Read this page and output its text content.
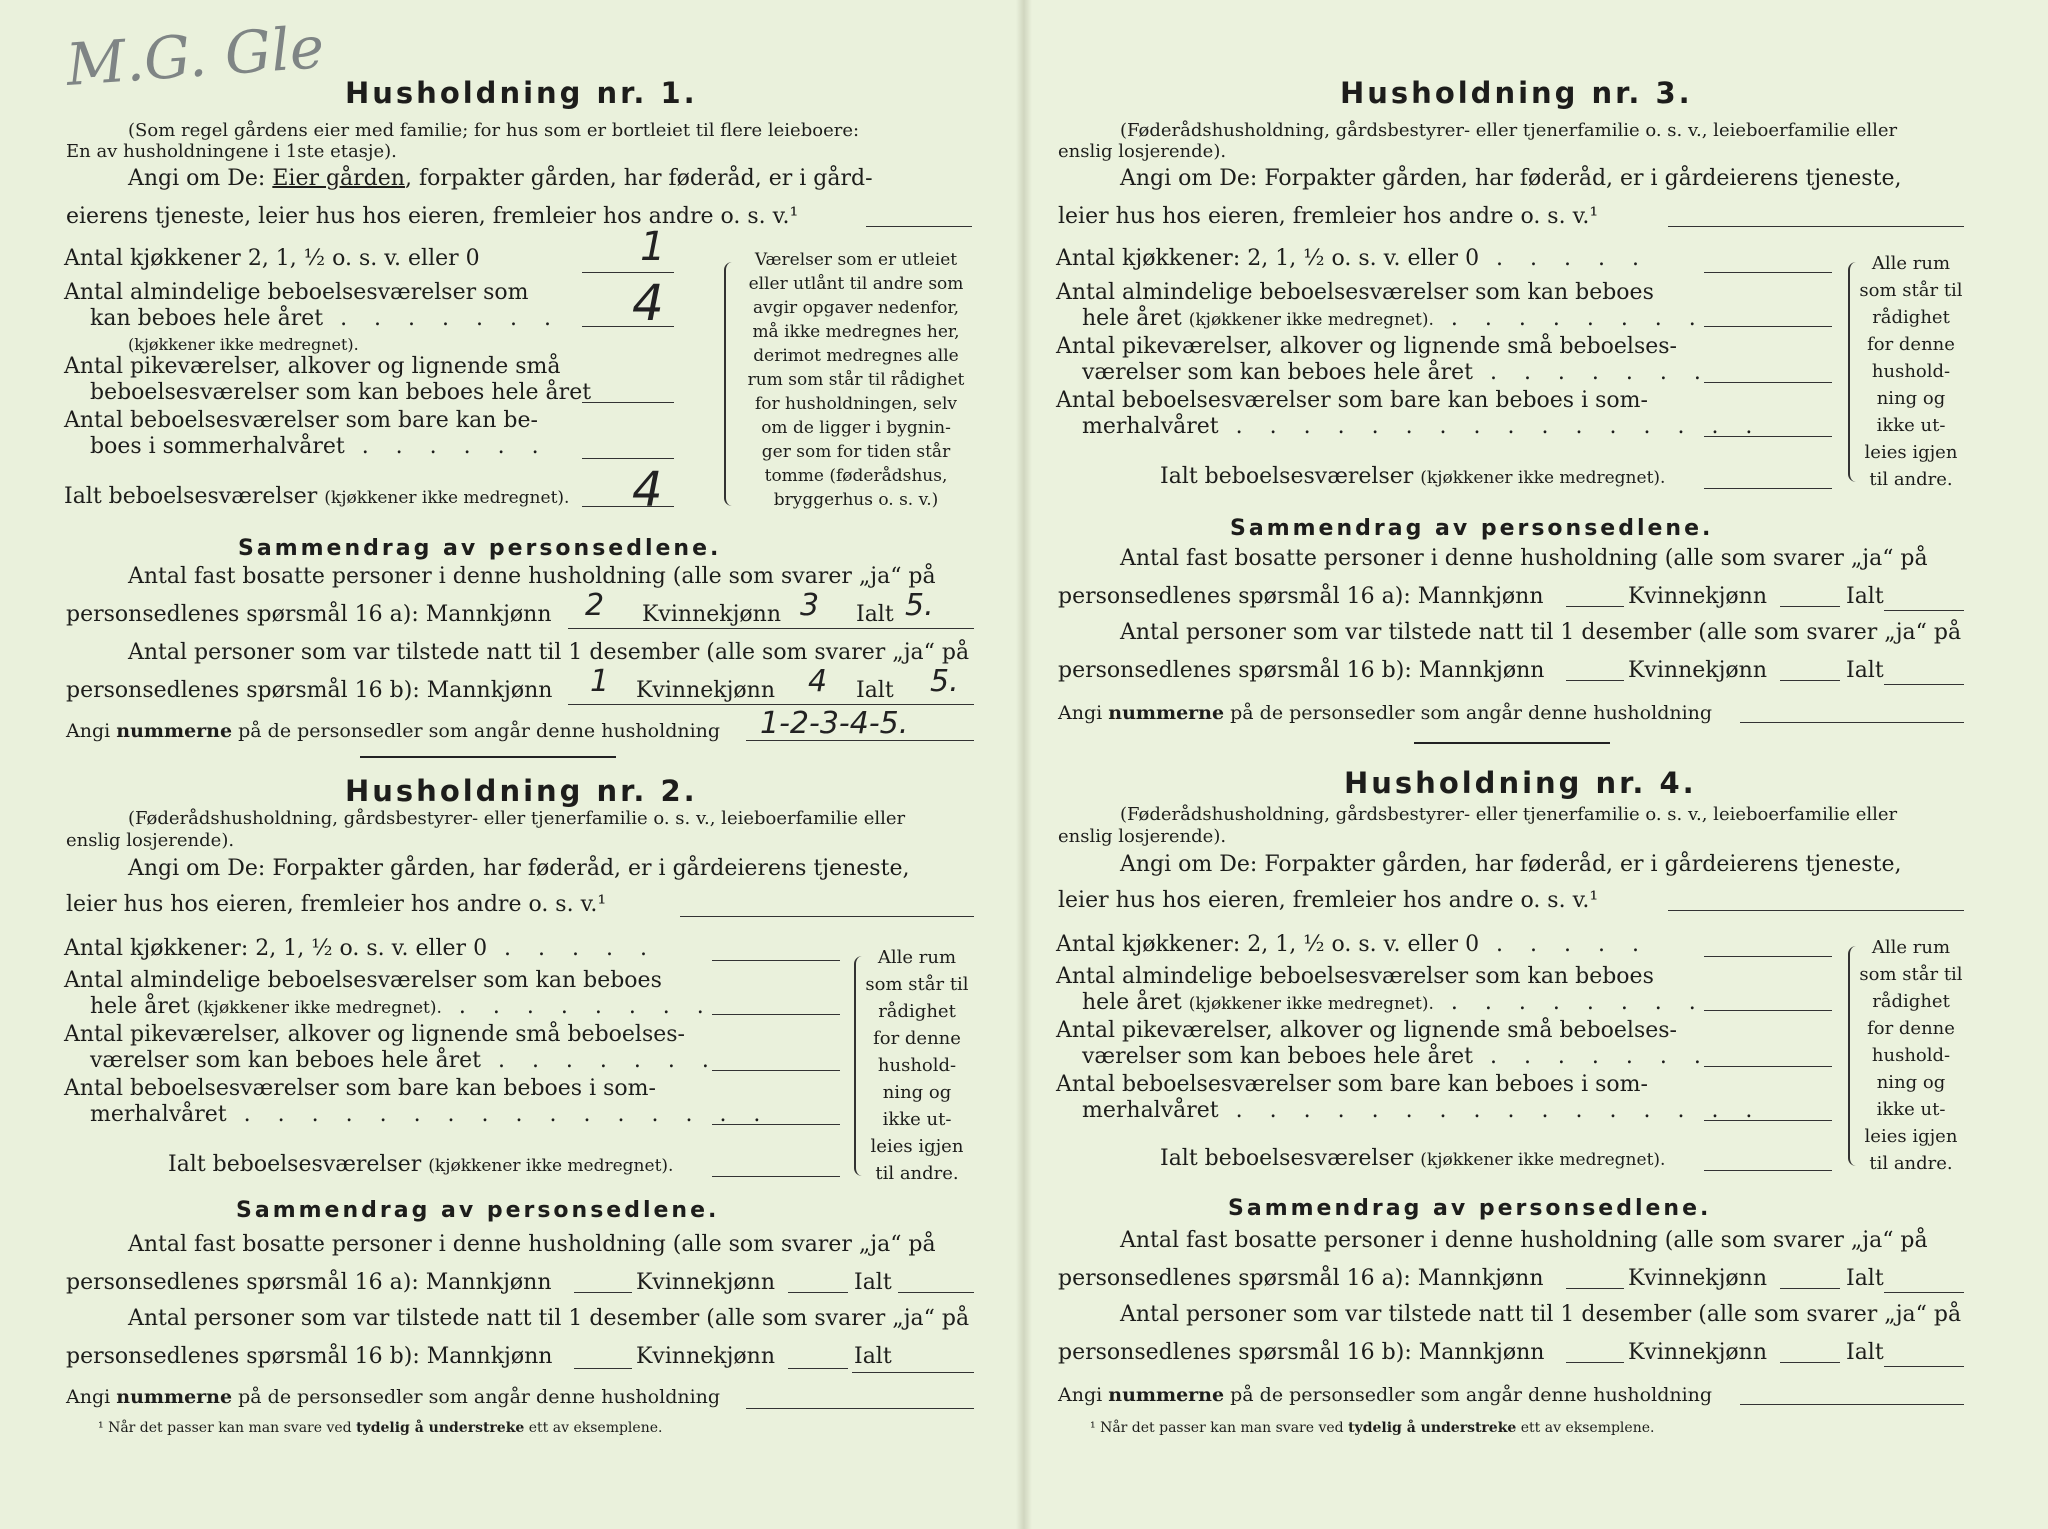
M.G. Gle Husholdning nr. 1.
(Som regel gårdens eier med familie; for hus som er bortleiet til flere leieboere:
En av husholdningene i 1ste etasje).
Angi om De: Eier gården, forpakter gården, har føderåd, er i gård-
eierens tjeneste, leier hus hos eieren, fremleier hos andre o. s. v.¹
Antal kjøkkener 2, 1, ½ o. s. v. eller 0	1
Antal almindelige beboelsesværelser som
kan beboes hele året . . . . . . . 4
(kjøkkener ikke medregnet).
Antal pikeværelser, alkover og lignende små
beboelsesværelser som kan beboes hele året
Antal beboelsesværelser som bare kan be-
boes i sommerhalvåret . . . . . .
Ialt beboelsesværelser (kjøkkener ikke medregnet). 4
Værelser som er utleiet
eller utlånt til andre som
avgir opgaver nedenfor,
må ikke medregnes her,
derimot medregnes alle
rum som står til rådighet
for husholdningen, selv
om de ligger i bygnin-
ger som for tiden står
tomme (føderådshus,
bryggerhus o. s. v.)
Sammendrag av personsedlene.
Antal fast bosatte personer i denne husholdning (alle som svarer „ja“ på
personsedlenes spørsmål 16 a): Mannkjønn 2 Kvinnekjønn 3 Ialt 5.
Antal personer som var tilstede natt til 1 desember (alle som svarer „ja“ på
personsedlenes spørsmål 16 b): Mannkjønn 1 Kvinnekjønn 4 Ialt 5.
Angi nummerne på de personsedler som angår denne husholdning 1-2-3-4-5.
Husholdning nr. 2.
(Føderådshusholdning, gårdsbestyrer- eller tjenerfamilie o. s. v., leieboerfamilie eller
enslig losjerende).
Angi om De: Forpakter gården, har føderåd, er i gårdeierens tjeneste,
leier hus hos eieren, fremleier hos andre o. s. v.¹
Antal kjøkkener: 2, 1, ½ o. s. v. eller 0 . . . . .
Antal almindelige beboelsesværelser som kan beboes
hele året (kjøkkener ikke medregnet). . . . . . . . .
Antal pikeværelser, alkover og lignende små beboelses-
værelser som kan beboes hele året . . . . . . .
Antal beboelsesværelser som bare kan beboes i som-
merhalvåret . . . . . . . . . . . . . . . .
Ialt beboelsesværelser (kjøkkener ikke medregnet).
Alle rum
som står til
rådighet
for denne
hushold-
ning og
ikke ut-
leies igjen
til andre.
Sammendrag av personsedlene.
Antal fast bosatte personer i denne husholdning (alle som svarer „ja“ på
personsedlenes spørsmål 16 a): Mannkjønn	Kvinnekjønn	Ialt
Antal personer som var tilstede natt til 1 desember (alle som svarer „ja“ på
personsedlenes spørsmål 16 b): Mannkjønn	Kvinnekjønn	Ialt
Angi nummerne på de personsedler som angår denne husholdning
¹ Når det passer kan man svare ved tydelig å understreke ett av eksemplene.
Husholdning nr. 3.
(Føderådshusholdning, gårdsbestyrer- eller tjenerfamilie o. s. v., leieboerfamilie eller
enslig losjerende).
Angi om De: Forpakter gården, har føderåd, er i gårdeierens tjeneste,
leier hus hos eieren, fremleier hos andre o. s. v.¹
Antal kjøkkener: 2, 1, ½ o. s. v. eller 0 . . . . .
Antal almindelige beboelsesværelser som kan beboes
hele året (kjøkkener ikke medregnet). . . . . . . . .
Antal pikeværelser, alkover og lignende små beboelses-
værelser som kan beboes hele året . . . . . . .
Antal beboelsesværelser som bare kan beboes i som-
merhalvåret . . . . . . . . . . . . . . . .
Ialt beboelsesværelser (kjøkkener ikke medregnet).
Alle rum
som står til
rådighet
for denne
hushold-
ning og
ikke ut-
leies igjen
til andre.
Sammendrag av personsedlene.
Antal fast bosatte personer i denne husholdning (alle som svarer „ja“ på
personsedlenes spørsmål 16 a): Mannkjønn	Kvinnekjønn	Ialt
Antal personer som var tilstede natt til 1 desember (alle som svarer „ja“ på
personsedlenes spørsmål 16 b): Mannkjønn	Kvinnekjønn	Ialt
Angi nummerne på de personsedler som angår denne husholdning
Husholdning nr. 4.
(Føderådshusholdning, gårdsbestyrer- eller tjenerfamilie o. s. v., leieboerfamilie eller
enslig losjerende).
Angi om De: Forpakter gården, har føderåd, er i gårdeierens tjeneste,
leier hus hos eieren, fremleier hos andre o. s. v.¹
Antal kjøkkener: 2, 1, ½ o. s. v. eller 0 . . . . .
Antal almindelige beboelsesværelser som kan beboes
hele året (kjøkkener ikke medregnet). . . . . . . . .
Antal pikeværelser, alkover og lignende små beboelses-
værelser som kan beboes hele året . . . . . . .
Antal beboelsesværelser som bare kan beboes i som-
merhalvåret . . . . . . . . . . . . . . . .
Ialt beboelsesværelser (kjøkkener ikke medregnet).
Alle rum
som står til
rådighet
for denne
hushold-
ning og
ikke ut-
leies igjen
til andre.
Sammendrag av personsedlene.
Antal fast bosatte personer i denne husholdning (alle som svarer „ja“ på
personsedlenes spørsmål 16 a): Mannkjønn	Kvinnekjønn	Ialt
Antal personer som var tilstede natt til 1 desember (alle som svarer „ja“ på
personsedlenes spørsmål 16 b): Mannkjønn	Kvinnekjønn	Ialt
Angi nummerne på de personsedler som angår denne husholdning
¹ Når det passer kan man svare ved tydelig å understreke ett av eksemplene.
